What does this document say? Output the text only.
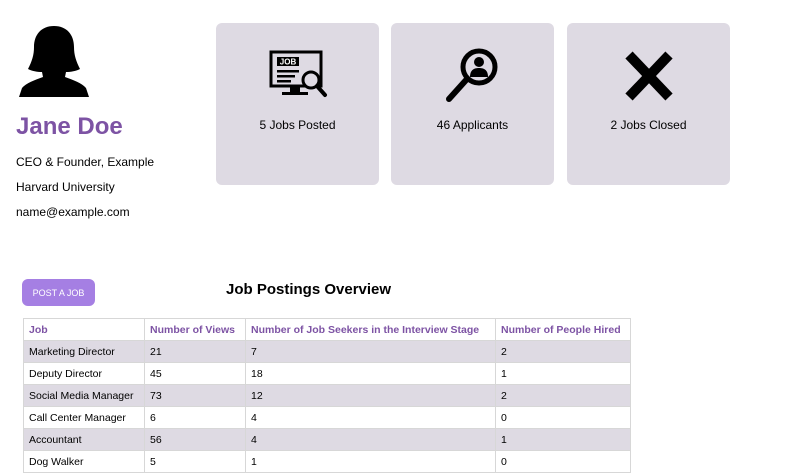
Jane Doe

CEO & Founder, Example

Harvard University

name@example.com

JOB
5 Jobs Posted	46 Applicants	2 Jobs Closed
POST A JOB	Job Postings Overview
Job	Number of Views	Number of Job Seekers in the Interview Stage	Number of People Hired
Marketing Director	21	7	2
Deputy Director	45	18	1
Social Media Manager	73	12	2
Call Center Manager	6	4	0
Accountant	56	4	1
Dog Walker	5	1	0
